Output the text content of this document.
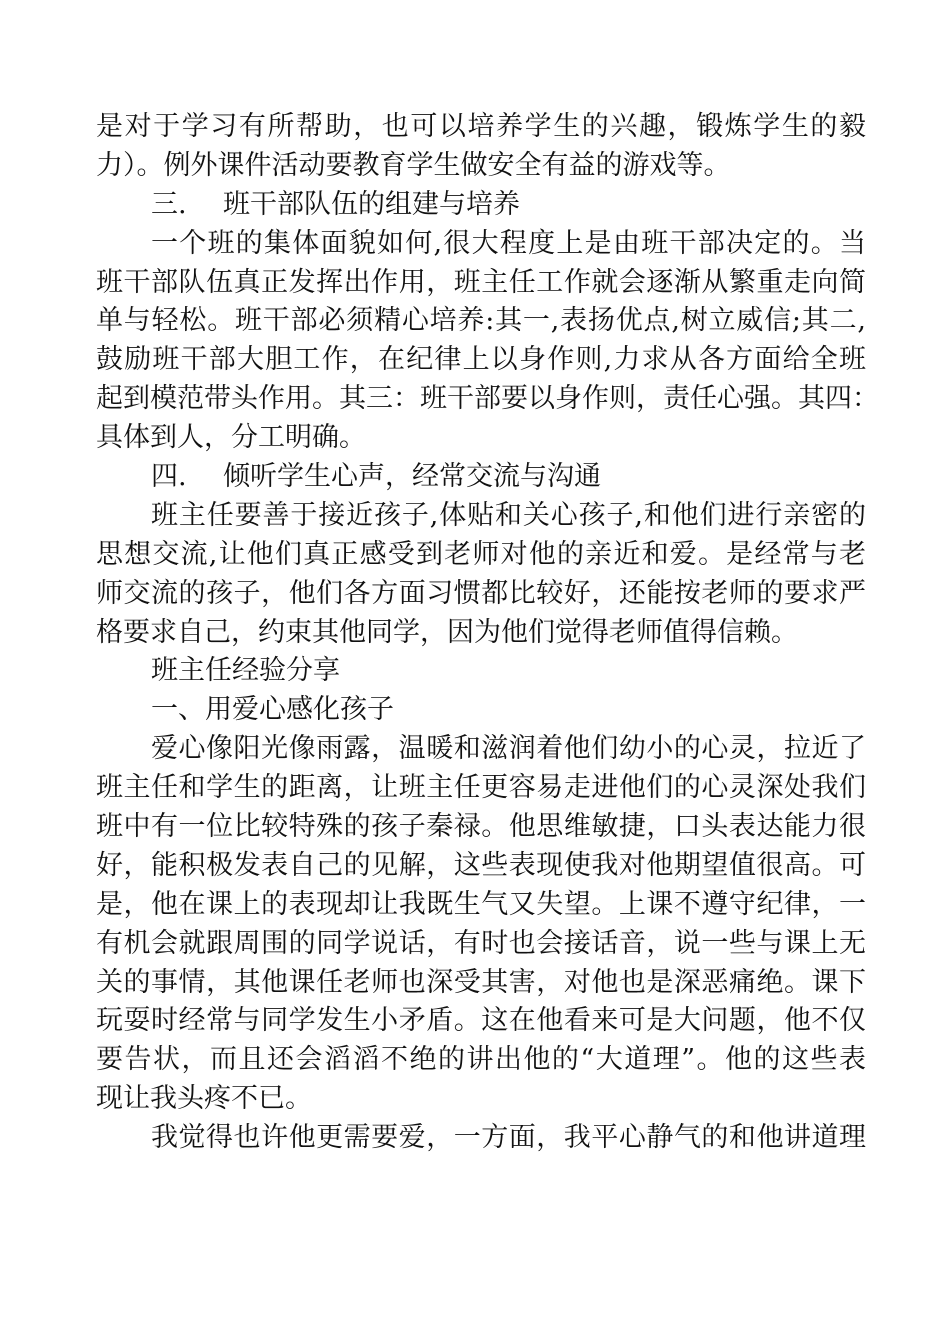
是对于学习有所帮助，也可以培养学生的兴趣，锻炼学生的毅
力）。例外课件活动要教育学生做安全有益的游戏等。
三. 班干部队伍的组建与培养
一个班的集体面貌如何,很大程度上是由班干部决定的。当
班干部队伍真正发挥出作用，班主任工作就会逐渐从繁重走向简
单与轻松。班干部必须精心培养:其一,表扬优点,树立威信;其二,
鼓励班干部大胆工作，在纪律上以身作则,力求从各方面给全班
起到模范带头作用。其三：班干部要以身作则，责任心强。其四：
具体到人，分工明确。
四. 倾听学生心声，经常交流与沟通
班主任要善于接近孩子,体贴和关心孩子,和他们进行亲密的
思想交流,让他们真正感受到老师对他的亲近和爱。是经常与老
师交流的孩子，他们各方面习惯都比较好，还能按老师的要求严
格要求自己，约束其他同学，因为他们觉得老师值得信赖。
班主任经验分享
一、用爱心感化孩子
爱心像阳光像雨露，温暖和滋润着他们幼小的心灵，拉近了
班主任和学生的距离，让班主任更容易走进他们的心灵深处我们
班中有一位比较特殊的孩子秦禄。他思维敏捷，口头表达能力很
好，能积极发表自己的见解，这些表现使我对他期望值很高。可
是，他在课上的表现却让我既生气又失望。上课不遵守纪律，一
有机会就跟周围的同学说话，有时也会接话音，说一些与课上无
关的事情，其他课任老师也深受其害，对他也是深恶痛绝。课下
玩耍时经常与同学发生小矛盾。这在他看来可是大问题，他不仅
要告状，而且还会滔滔不绝的讲出他的“大道理”。他的这些表
现让我头疼不已。
我觉得也许他更需要爱，一方面，我平心静气的和他讲道理
